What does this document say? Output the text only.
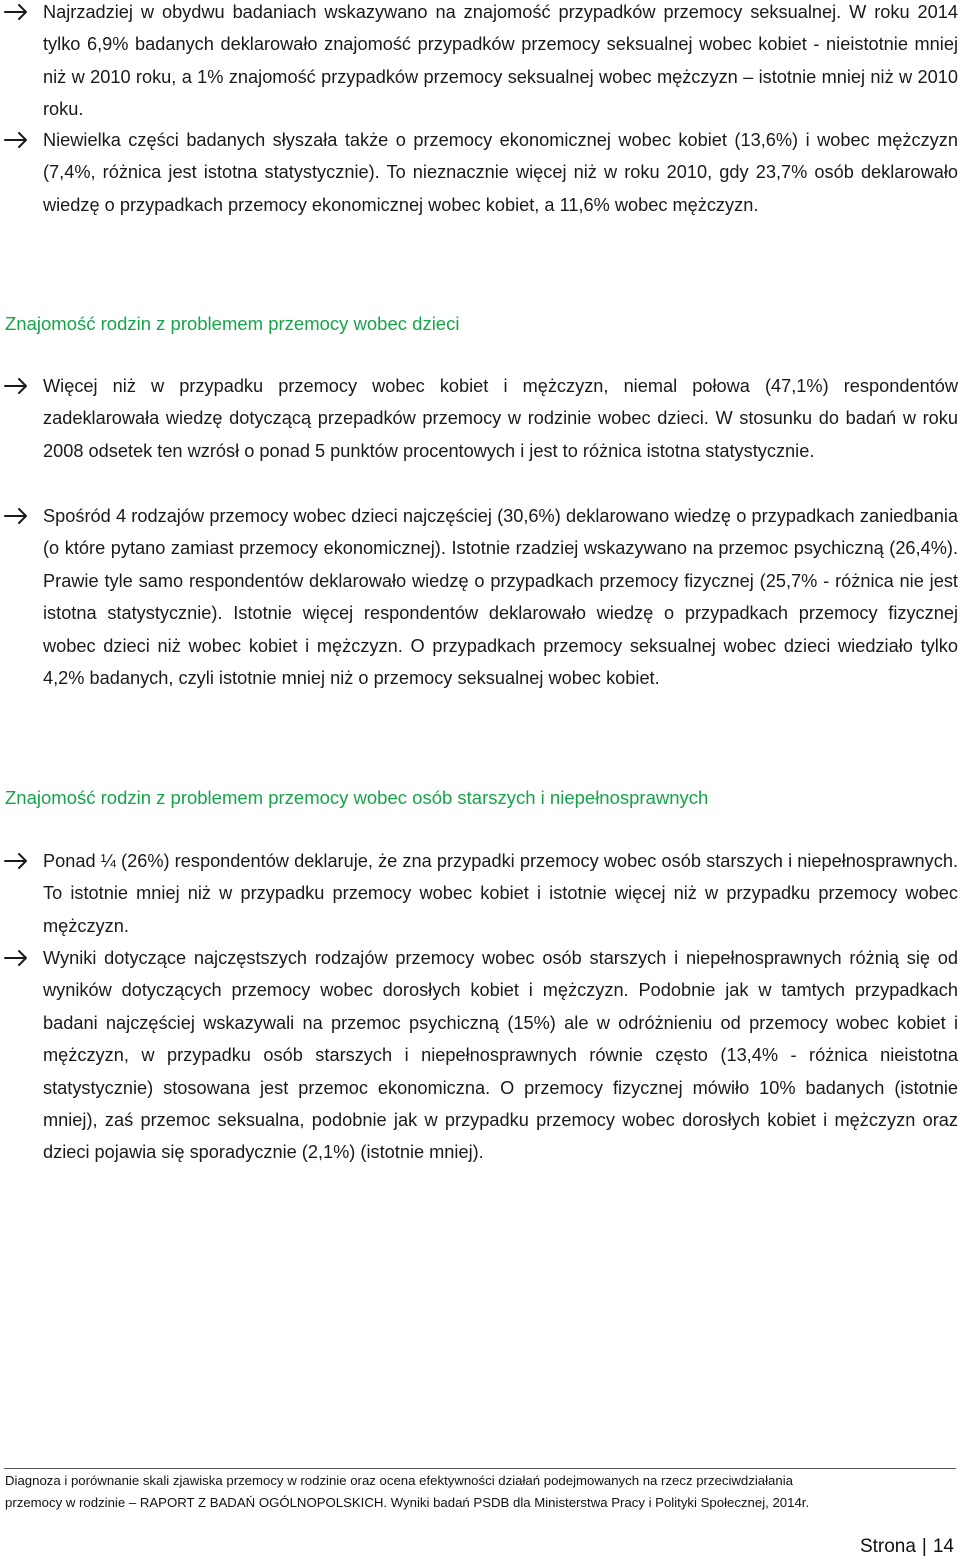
Najrzadziej w obydwu badaniach wskazywano na znajomość przypadków przemocy seksualnej. W roku 2014 tylko 6,9% badanych deklarowało znajomość przypadków przemocy seksualnej wobec kobiet - nieistotnie mniej niż w 2010 roku, a 1% znajomość przypadków przemocy seksualnej wobec mężczyzn – istotnie mniej niż w 2010 roku.
Niewielka części badanych słyszała także o przemocy ekonomicznej wobec kobiet (13,6%) i wobec mężczyzn (7,4%, różnica jest istotna statystycznie). To nieznacznie więcej niż w roku 2010, gdy 23,7% osób deklarowało wiedzę o przypadkach przemocy ekonomicznej wobec kobiet, a 11,6% wobec mężczyzn.
Znajomość rodzin z problemem przemocy wobec dzieci
Więcej niż w przypadku przemocy wobec kobiet i mężczyzn, niemal połowa (47,1%) respondentów zadeklarowała wiedzę dotyczącą przepadków przemocy w rodzinie wobec dzieci. W stosunku do badań w roku 2008 odsetek ten wzrósł o ponad 5 punktów procentowych i jest to różnica istotna statystycznie.
Spośród 4 rodzajów przemocy wobec dzieci najczęściej (30,6%) deklarowano wiedzę o przypadkach zaniedbania (o które pytano zamiast przemocy ekonomicznej). Istotnie rzadziej wskazywano na przemoc psychiczną (26,4%). Prawie tyle samo respondentów deklarowało wiedzę o przypadkach przemocy fizycznej (25,7% - różnica nie jest istotna statystycznie). Istotnie więcej respondentów deklarowało wiedzę o przypadkach przemocy fizycznej wobec dzieci niż wobec kobiet i mężczyzn. O przypadkach przemocy seksualnej wobec dzieci wiedziało tylko 4,2% badanych, czyli istotnie mniej niż o przemocy seksualnej wobec kobiet.
Znajomość rodzin z problemem przemocy wobec osób starszych i niepełnosprawnych
Ponad ¼ (26%) respondentów deklaruje, że zna przypadki przemocy wobec osób starszych i niepełnosprawnych. To istotnie mniej niż w przypadku przemocy wobec kobiet i istotnie więcej niż w przypadku przemocy wobec mężczyzn.
Wyniki dotyczące najczęstszych rodzajów przemocy wobec osób starszych i niepełnosprawnych różnią się od wyników dotyczących przemocy wobec dorosłych kobiet i mężczyzn. Podobnie jak w tamtych przypadkach badani najczęściej wskazywali na przemoc psychiczną (15%) ale w odróżnieniu od przemocy wobec kobiet i mężczyzn, w przypadku osób starszych i niepełnosprawnych równie często (13,4% - różnica nieistotna statystycznie) stosowana jest przemoc ekonomiczna. O przemocy fizycznej mówiło 10% badanych (istotnie mniej), zaś przemoc seksualna, podobnie jak w przypadku przemocy wobec dorosłych kobiet i mężczyzn oraz dzieci pojawia się sporadycznie (2,1%) (istotnie mniej).
Diagnoza i porównanie skali zjawiska przemocy w rodzinie oraz ocena efektywności działań podejmowanych na rzecz przeciwdziałania
przemocy w rodzinie – RAPORT Z BADAŃ OGÓLNOPOLSKICH. Wyniki badań PSDB dla Ministerstwa Pracy i Polityki Społecznej, 2014r.
Strona | 14
